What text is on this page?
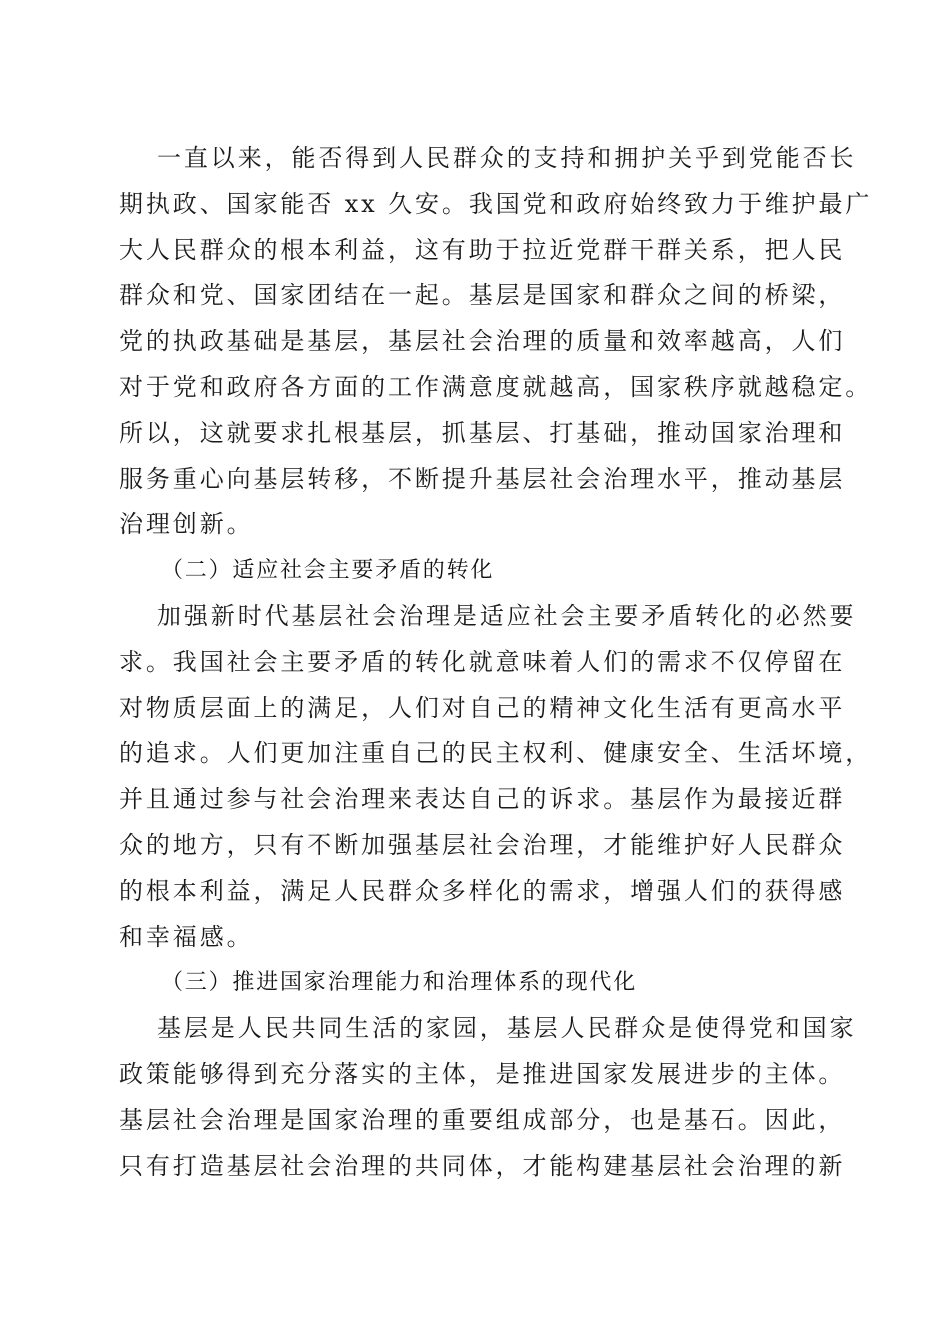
一直以来，能否得到人民群众的支持和拥护关乎到党能否长
期执政、国家能否 xx 久安。我国党和政府始终致力于维护最广
大人民群众的根本利益，这有助于拉近党群干群关系，把人民
群众和党、国家团结在一起。基层是国家和群众之间的桥梁，
党的执政基础是基层，基层社会治理的质量和效率越高，人们
对于党和政府各方面的工作满意度就越高，国家秩序就越稳定。
所以，这就要求扎根基层，抓基层、打基础，推动国家治理和
服务重心向基层转移，不断提升基层社会治理水平，推动基层
治理创新。
（二）适应社会主要矛盾的转化
加强新时代基层社会治理是适应社会主要矛盾转化的必然要
求。我国社会主要矛盾的转化就意味着人们的需求不仅停留在
对物质层面上的满足，人们对自己的精神文化生活有更高水平
的追求。人们更加注重自己的民主权利、健康安全、生活坏境，
并且通过参与社会治理来表达自己的诉求。基层作为最接近群
众的地方，只有不断加强基层社会治理，才能维护好人民群众
的根本利益，满足人民群众多样化的需求，增强人们的获得感
和幸福感。
（三）推进国家治理能力和治理体系的现代化
基层是人民共同生活的家园，基层人民群众是使得党和国家
政策能够得到充分落实的主体，是推进国家发展进步的主体。
基层社会治理是国家治理的重要组成部分，也是基石。因此，
只有打造基层社会治理的共同体，才能构建基层社会治理的新
